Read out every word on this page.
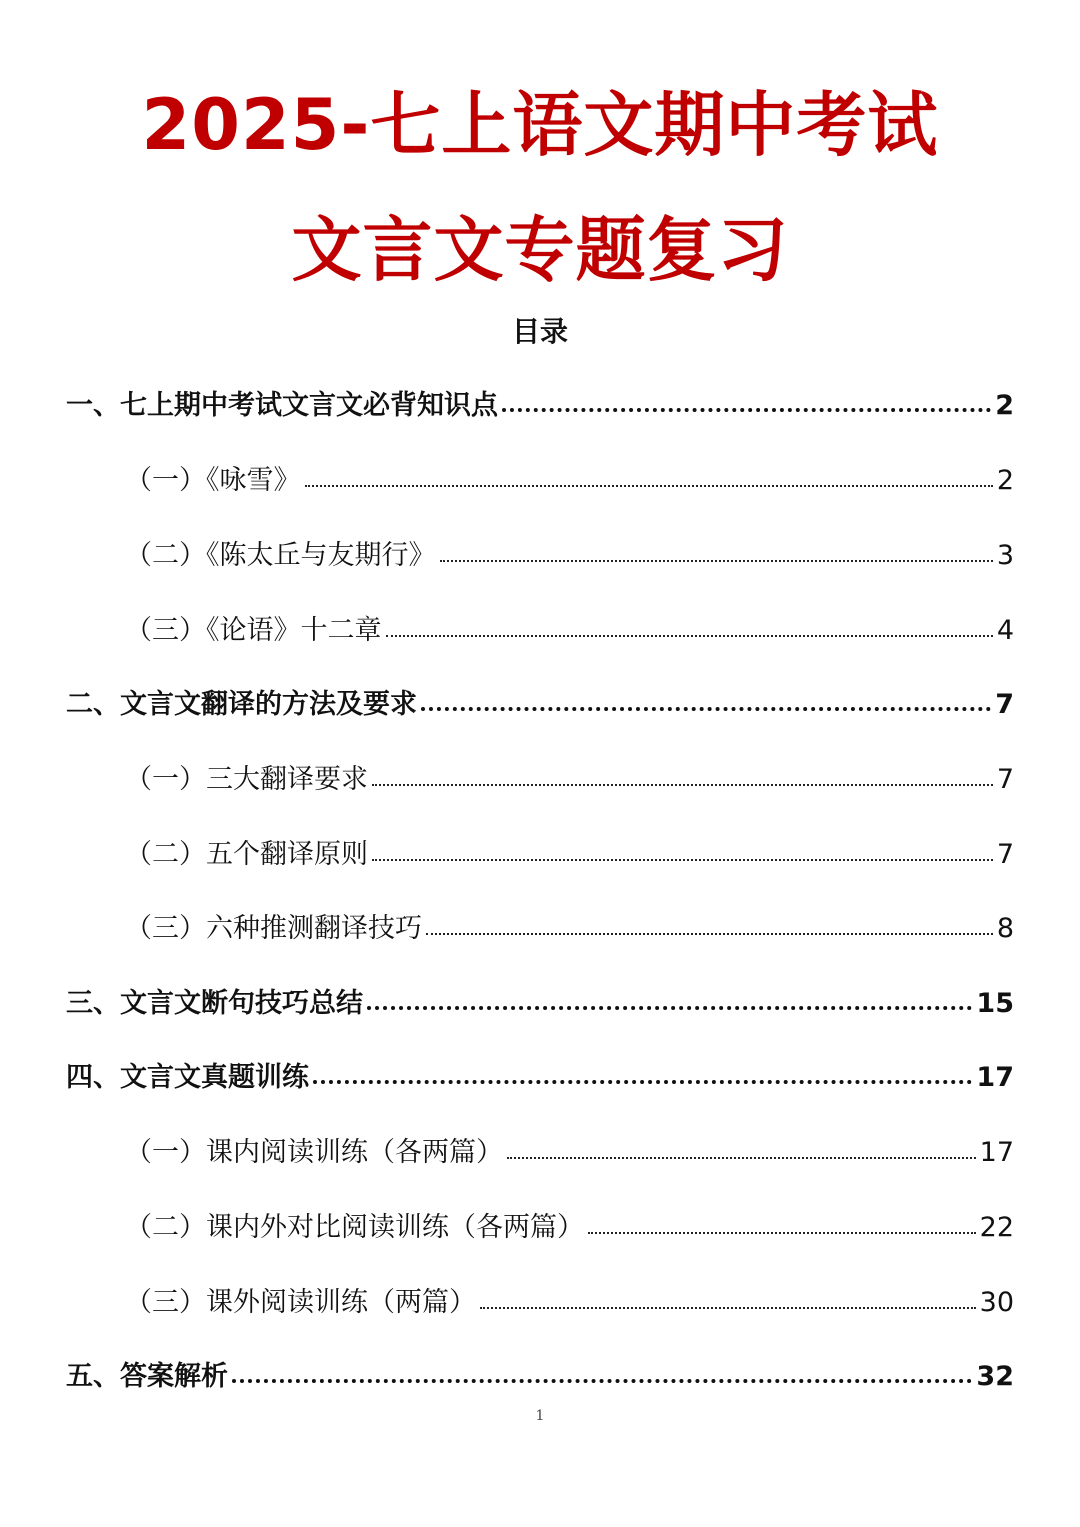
2025-七上语文期中考试
文言文专题复习
目录
一、七上期中考试文言文必背知识点	2
（一）《咏雪》	2
（二）《陈太丘与友期行》	3
（三）《论语》十二章	4
二、文言文翻译的方法及要求	7
（一）三大翻译要求	7
（二）五个翻译原则	7
（三）六种推测翻译技巧	8
三、文言文断句技巧总结	15
四、文言文真题训练	17
（一）课内阅读训练（各两篇）	17
（二）课内外对比阅读训练（各两篇）	22
（三）课外阅读训练（两篇）	30
五、答案解析	32
1
